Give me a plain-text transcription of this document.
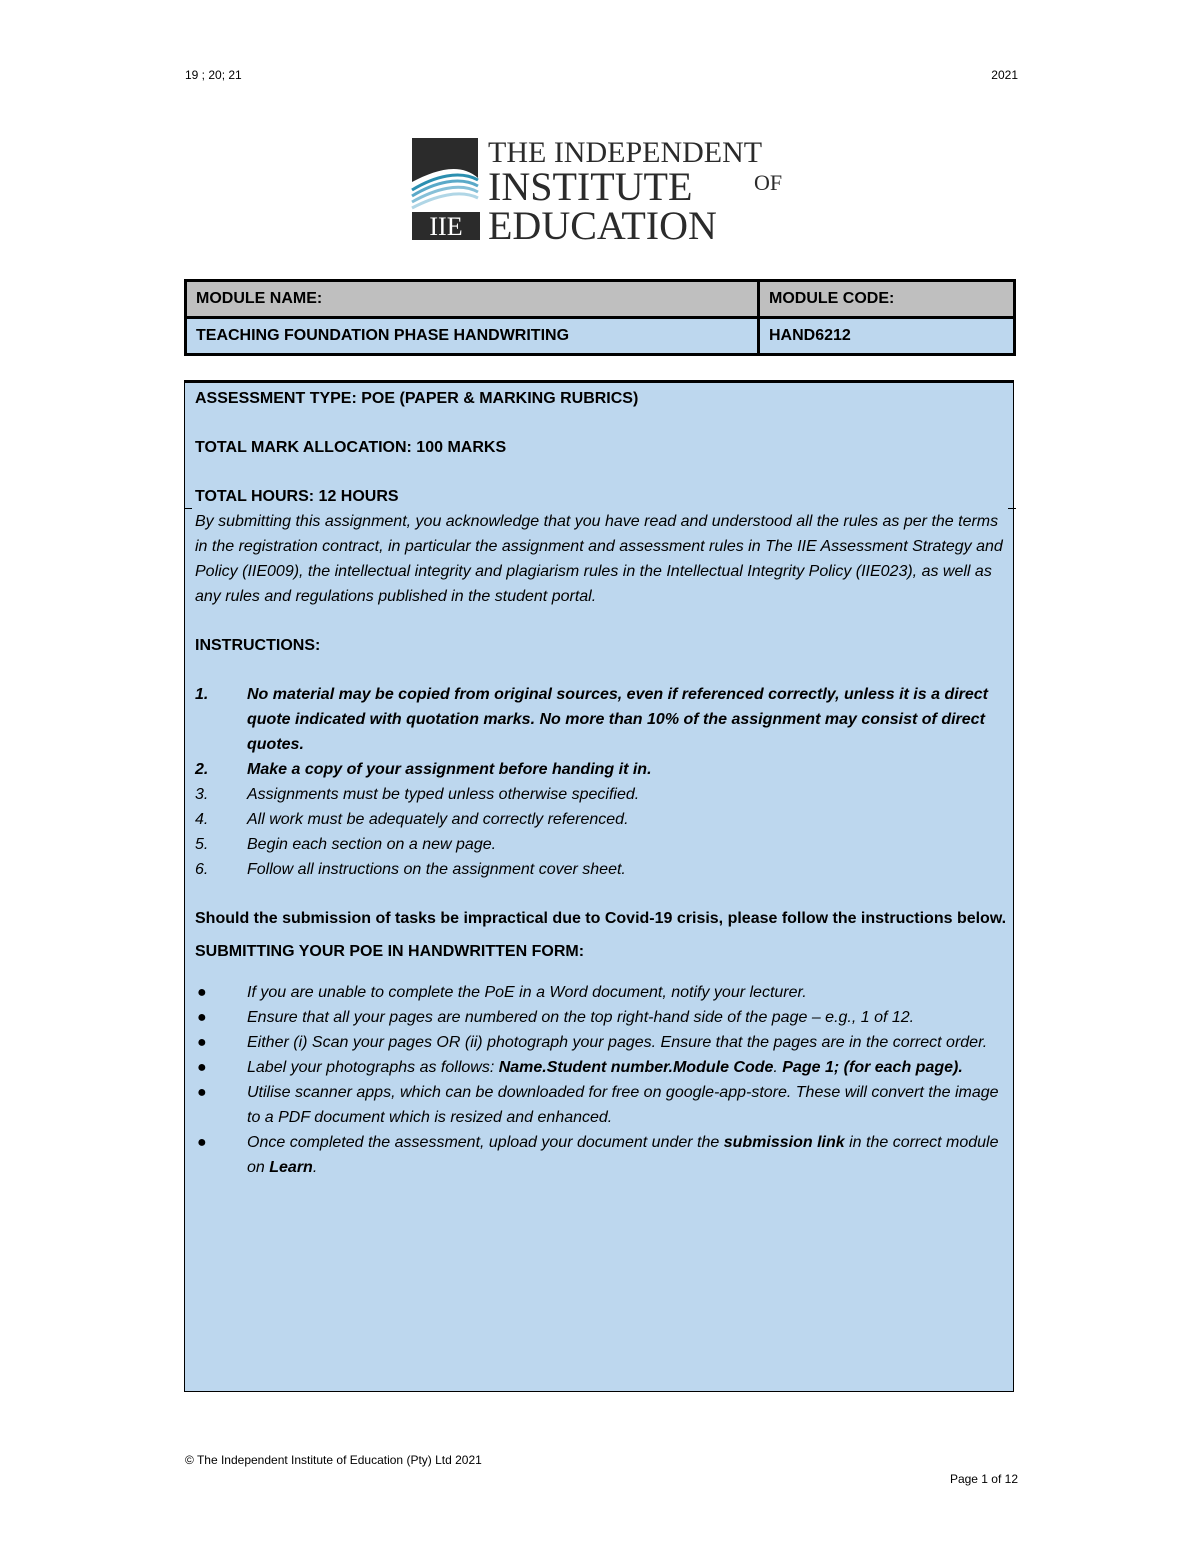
19 ; 20; 21	2021
IIE
THE INDEPENDENT
INSTITUTE	OF
EDUCATION
MODULE NAME:	MODULE CODE:
TEACHING FOUNDATION PHASE HANDWRITING	HAND6212
ASSESSMENT TYPE: POE (PAPER & MARKING RUBRICS)
TOTAL MARK ALLOCATION: 100 MARKS
TOTAL HOURS: 12 HOURS
By submitting this assignment, you acknowledge that you have read and understood all the rules as per the terms in the registration contract, in particular the assignment and assessment rules in The IIE Assessment Strategy and Policy (IIE009), the intellectual integrity and plagiarism rules in the Intellectual Integrity Policy (IIE023), as well as any rules and regulations published in the student portal.
INSTRUCTIONS:
1. No material may be copied from original sources, even if referenced correctly, unless it is a direct quote indicated with quotation marks. No more than 10% of the assignment may consist of direct quotes.
2. Make a copy of your assignment before handing it in.
3. Assignments must be typed unless otherwise specified.
4. All work must be adequately and correctly referenced.
5. Begin each section on a new page.
6. Follow all instructions on the assignment cover sheet.
Should the submission of tasks be impractical due to Covid-19 crisis, please follow the instructions below.
SUBMITTING YOUR POE IN HANDWRITTEN FORM:
●	If you are unable to complete the PoE in a Word document, notify your lecturer.
●	Ensure that all your pages are numbered on the top right-hand side of the page – e.g., 1 of 12.
●	Either (i) Scan your pages OR (ii) photograph your pages. Ensure that the pages are in the correct order.
●	Label your photographs as follows: Name.Student number.Module Code. Page 1; (for each page).
●	Utilise scanner apps, which can be downloaded for free on google-app-store. These will convert the image to a PDF document which is resized and enhanced.
●	Once completed the assessment, upload your document under the submission link in the correct module on Learn.
© The Independent Institute of Education (Pty) Ltd 2021
Page 1 of 12
